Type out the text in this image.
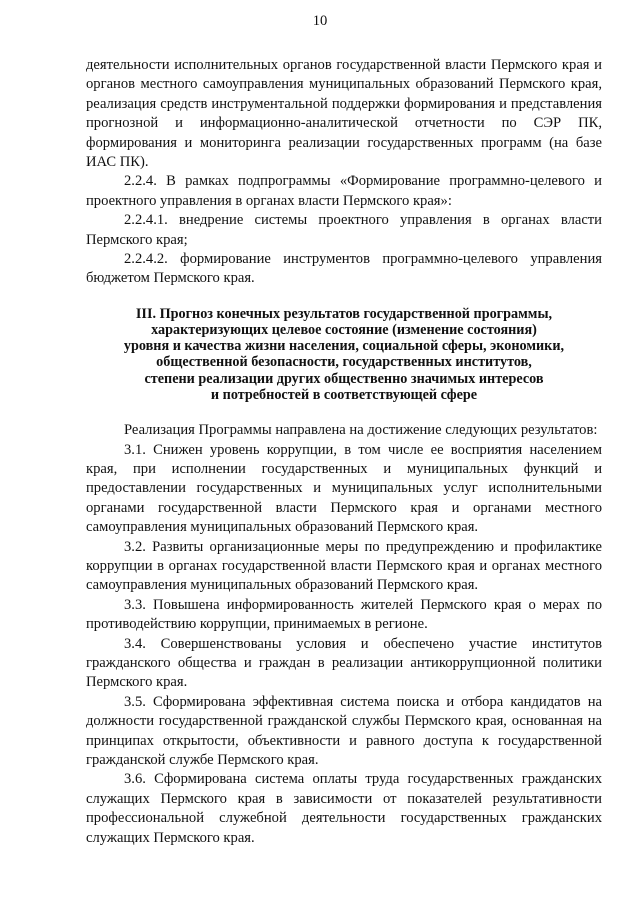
10

деятельности исполнительных органов государственной власти Пермского края и органов местного самоуправления муниципальных образований Пермского края, реализация средств инструментальной поддержки формирования и представления прогнозной и информационно-аналитической отчетности по СЭР ПК, формирования и мониторинга реализации государственных программ (на базе ИАС ПК).

2.2.4. В рамках подпрограммы «Формирование программно-целевого и проектного управления в органах власти Пермского края»:

2.2.4.1. внедрение системы проектного управления в органах власти Пермского края;

2.2.4.2. формирование инструментов программно-целевого управления бюджетом Пермского края.

III. Прогноз конечных результатов государственной программы,
характеризующих целевое состояние (изменение состояния)
уровня и качества жизни населения, социальной сферы, экономики,
общественной безопасности, государственных институтов,
степени реализации других общественно значимых интересов
и потребностей в соответствующей сфере

Реализация Программы направлена на достижение следующих результатов:

3.1. Снижен уровень коррупции, в том числе ее восприятия населением края, при исполнении государственных и муниципальных функций и предоставлении государственных и муниципальных услуг исполнительными органами государственной власти Пермского края и органами местного самоуправления муниципальных образований Пермского края.

3.2. Развиты организационные меры по предупреждению и профилактике коррупции в органах государственной власти Пермского края и органах местного самоуправления муниципальных образований Пермского края.

3.3. Повышена информированность жителей Пермского края о мерах по противодействию коррупции, принимаемых в регионе.

3.4. Совершенствованы условия и обеспечено участие институтов гражданского общества и граждан в реализации антикоррупционной политики Пермского края.

3.5. Сформирована эффективная система поиска и отбора кандидатов на должности государственной гражданской службы Пермского края, основанная на принципах открытости, объективности и равного доступа к государственной гражданской службе Пермского края.

3.6. Сформирована система оплаты труда государственных гражданских служащих Пермского края в зависимости от показателей результативности профессиональной служебной деятельности государственных гражданских служащих Пермского края.
